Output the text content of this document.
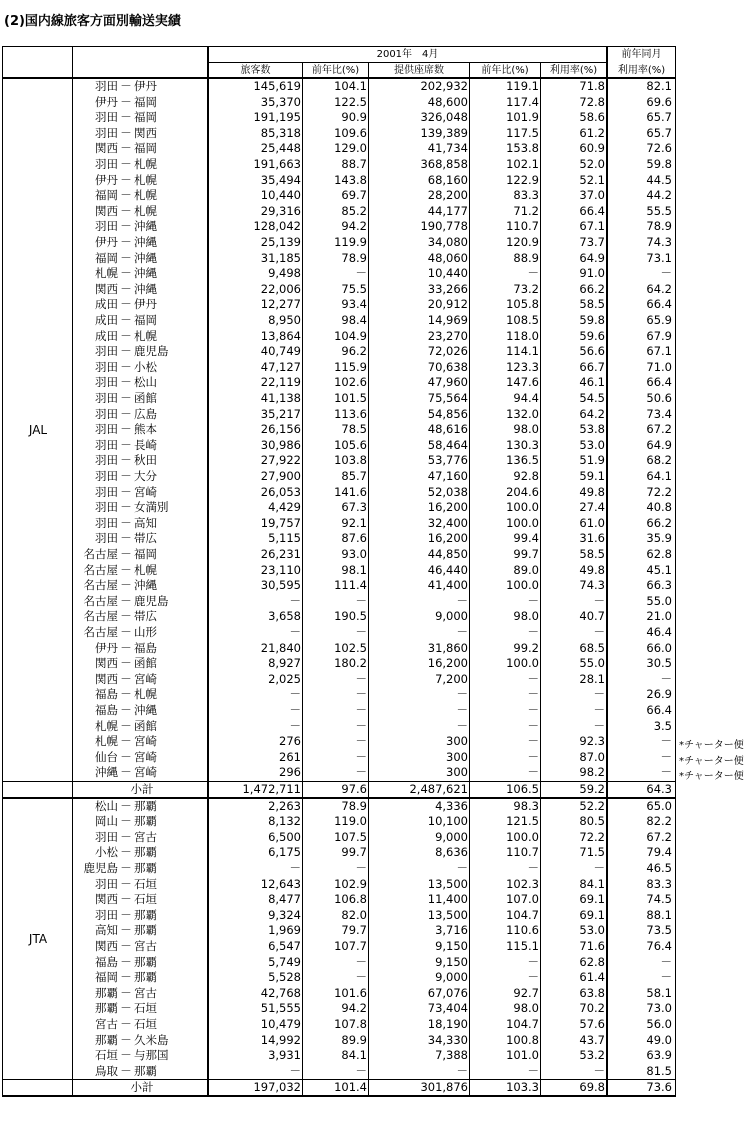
(2)国内線旅客方面別輸送実績
2001年　4月
旅客数	前年比(%)	提供座席数	前年比(%)	利用率(%)
前年同月
利用率(%)
JAL
羽田 － 伊丹	145,619	104.1	202,932	119.1	71.8	82.1
伊丹 － 福岡	35,370	122.5	48,600	117.4	72.8	69.6
羽田 － 福岡	191,195	90.9	326,048	101.9	58.6	65.7
羽田 － 関西	85,318	109.6	139,389	117.5	61.2	65.7
関西 － 福岡	25,448	129.0	41,734	153.8	60.9	72.6
羽田 － 札幌	191,663	88.7	368,858	102.1	52.0	59.8
伊丹 － 札幌	35,494	143.8	68,160	122.9	52.1	44.5
福岡 － 札幌	10,440	69.7	28,200	83.3	37.0	44.2
関西 － 札幌	29,316	85.2	44,177	71.2	66.4	55.5
羽田 － 沖縄	128,042	94.2	190,778	110.7	67.1	78.9
伊丹 － 沖縄	25,139	119.9	34,080	120.9	73.7	74.3
福岡 － 沖縄	31,185	78.9	48,060	88.9	64.9	73.1
札幌 － 沖縄	9,498	－	10,440	－	91.0	－
関西 － 沖縄	22,006	75.5	33,266	73.2	66.2	64.2
成田 － 伊丹	12,277	93.4	20,912	105.8	58.5	66.4
成田 － 福岡	8,950	98.4	14,969	108.5	59.8	65.9
成田 － 札幌	13,864	104.9	23,270	118.0	59.6	67.9
羽田 － 鹿児島	40,749	96.2	72,026	114.1	56.6	67.1
羽田 － 小松	47,127	115.9	70,638	123.3	66.7	71.0
羽田 － 松山	22,119	102.6	47,960	147.6	46.1	66.4
羽田 － 函館	41,138	101.5	75,564	94.4	54.5	50.6
羽田 － 広島	35,217	113.6	54,856	132.0	64.2	73.4
羽田 － 熊本	26,156	78.5	48,616	98.0	53.8	67.2
羽田 － 長崎	30,986	105.6	58,464	130.3	53.0	64.9
羽田 － 秋田	27,922	103.8	53,776	136.5	51.9	68.2
羽田 － 大分	27,900	85.7	47,160	92.8	59.1	64.1
羽田 － 宮崎	26,053	141.6	52,038	204.6	49.8	72.2
羽田 － 女満別	4,429	67.3	16,200	100.0	27.4	40.8
羽田 － 高知	19,757	92.1	32,400	100.0	61.0	66.2
羽田 － 帯広	5,115	87.6	16,200	99.4	31.6	35.9
名古屋 － 福岡	26,231	93.0	44,850	99.7	58.5	62.8
名古屋 － 札幌	23,110	98.1	46,440	89.0	49.8	45.1
名古屋 － 沖縄	30,595	111.4	41,400	100.0	74.3	66.3
名古屋 － 鹿児島	－	－	－	－	－	55.0
名古屋 － 帯広	3,658	190.5	9,000	98.0	40.7	21.0
名古屋 － 山形	－	－	－	－	－	46.4
伊丹 － 福島	21,840	102.5	31,860	99.2	68.5	66.0
関西 － 函館	8,927	180.2	16,200	100.0	55.0	30.5
関西 － 宮崎	2,025	－	7,200	－	28.1	－
福島 － 札幌	－	－	－	－	－	26.9
福島 － 沖縄	－	－	－	－	－	66.4
札幌 － 函館	－	－	－	－	－	3.5
札幌 － 宮崎	276	－	300	－	92.3	－ *チャーター便
仙台 － 宮崎	261	－	300	－	87.0	－ *チャーター便
沖縄 － 宮崎	296	－	300	－	98.2	－ *チャーター便
小計	1,472,711	97.6	2,487,621	106.5	59.2	64.3
JTA
松山 － 那覇	2,263	78.9	4,336	98.3	52.2	65.0
岡山 － 那覇	8,132	119.0	10,100	121.5	80.5	82.2
羽田 － 宮古	6,500	107.5	9,000	100.0	72.2	67.2
小松 － 那覇	6,175	99.7	8,636	110.7	71.5	79.4
鹿児島 － 那覇	－	－	－	－	－	46.5
羽田 － 石垣	12,643	102.9	13,500	102.3	84.1	83.3
関西 － 石垣	8,477	106.8	11,400	107.0	69.1	74.5
羽田 － 那覇	9,324	82.0	13,500	104.7	69.1	88.1
高知 － 那覇	1,969	79.7	3,716	110.6	53.0	73.5
関西 － 宮古	6,547	107.7	9,150	115.1	71.6	76.4
福島 － 那覇	5,749	－	9,150	－	62.8	－
福岡 － 那覇	5,528	－	9,000	－	61.4	－
那覇 － 宮古	42,768	101.6	67,076	92.7	63.8	58.1
那覇 － 石垣	51,555	94.2	73,404	98.0	70.2	73.0
宮古 － 石垣	10,479	107.8	18,190	104.7	57.6	56.0
那覇 － 久米島	14,992	89.9	34,330	100.8	43.7	49.0
石垣 － 与那国	3,931	84.1	7,388	101.0	53.2	63.9
鳥取 － 那覇	－	－	－	－	－	81.5
小計	197,032	101.4	301,876	103.3	69.8	73.6
